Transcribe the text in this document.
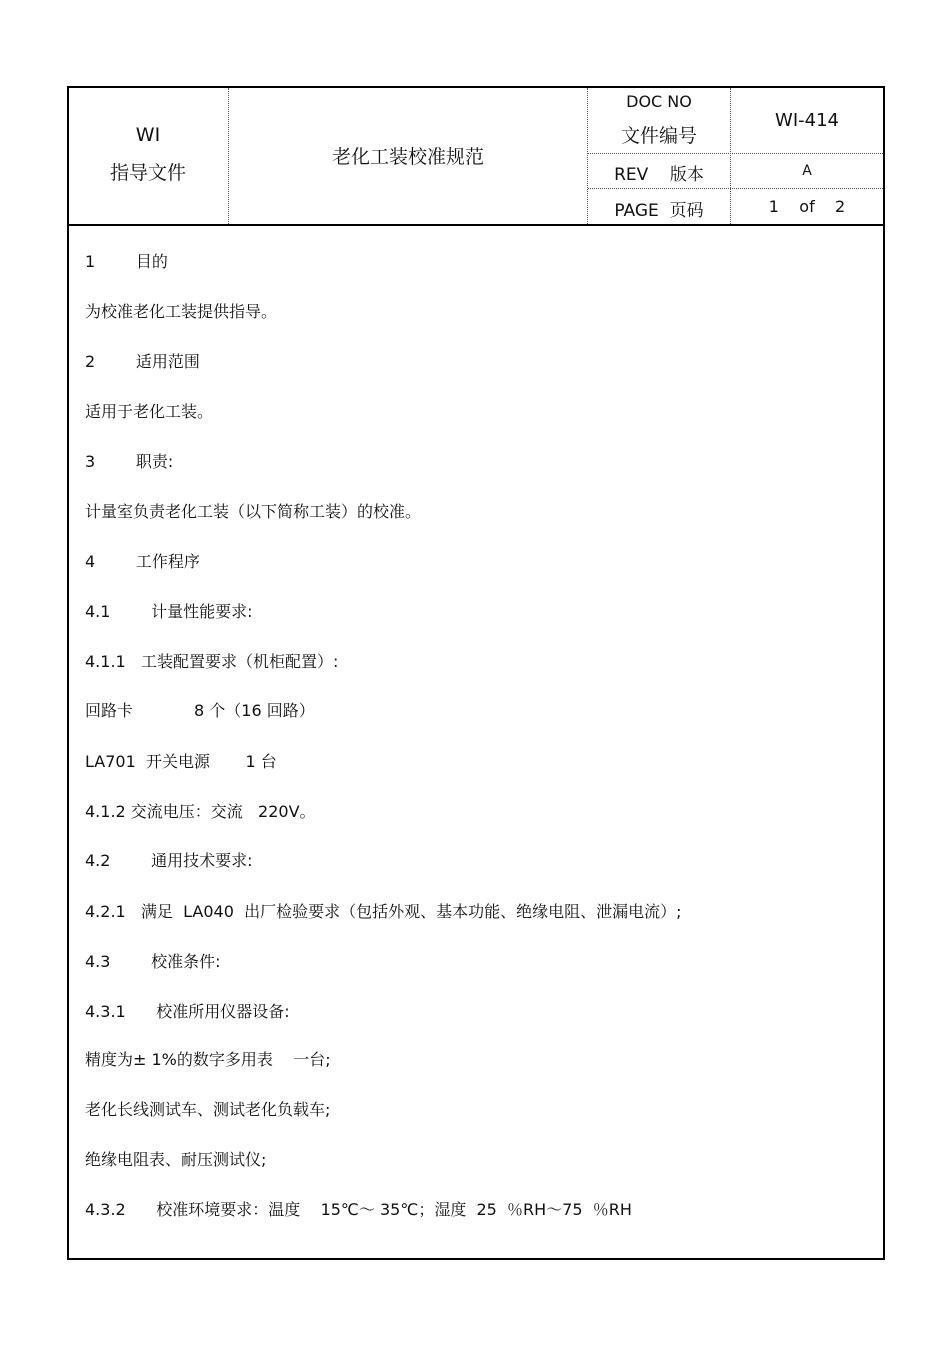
WI
指导文件
老化工装校准规范
DOC NO
文件编号
WI-414
REV    版本	A
PAGE  页码	1    of    2
1        目的
为校准老化工装提供指导。
2        适用范围
适用于老化工装。
3        职责:
计量室负责老化工装（以下简称工装）的校准。
4        工作程序
4.1        计量性能要求:
4.1.1   工装配置要求（机柜配置）:
回路卡            8 个（16 回路）
LA701  开关电源       1 台
4.1.2 交流电压：交流   220V。
4.2        通用技术要求:
4.2.1   满足  LA040  出厂检验要求（包括外观、基本功能、绝缘电阻、泄漏电流）;
4.3        校准条件:
4.3.1      校准所用仪器设备:
精度为± 1%的数字多用表    一台;
老化长线测试车、测试老化负载车;
绝缘电阻表、耐压测试仪;
4.3.2      校准环境要求：温度    15℃～ 35℃；湿度  25  ％RH～75  ％RH
